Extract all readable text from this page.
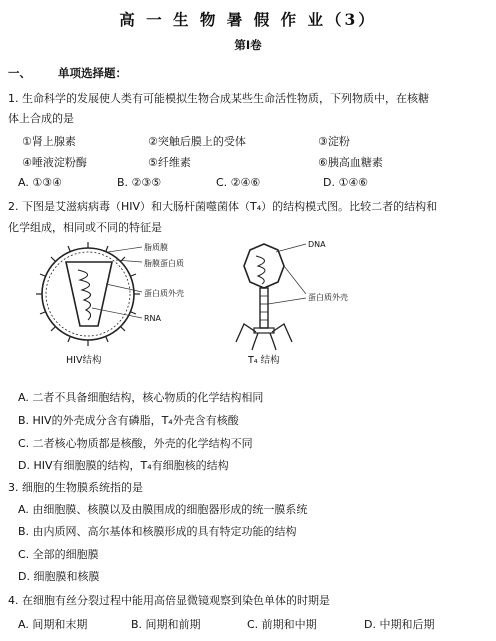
高 一 生 物 暑 假 作 业（3）
第Ⅰ卷
一、 单项选择题：
1. 生命科学的发展使人类有可能模拟生物合成某些生命活性物质，下列物质中，在核糖
体上合成的是
①肾上腺素	②突触后膜上的受体	③淀粉
④唾液淀粉酶	⑤纤维素	⑥胰高血糖素
A. ①③④	B. ②③⑤	C. ②④⑥	D. ①④⑥
2. 下图是艾滋病病毒（HIV）和大肠杆菌噬菌体（T₄）的结构模式图。比较二者的结构和
化学组成，相同或不同的特征是
脂质膜
脂膜蛋白质
蛋白质外壳
RNA
HIV结构
DNA
蛋白质外壳
T₄ 结构
A. 二者不具备细胞结构，核心物质的化学结构相同
B. HIV的外壳成分含有磷脂，T₄外壳含有核酸
C. 二者核心物质都是核酸，外壳的化学结构不同
D. HIV有细胞膜的结构，T₄有细胞核的结构
3. 细胞的生物膜系统指的是
A. 由细胞膜、核膜以及由膜围成的细胞器形成的统一膜系统
B. 由内质网、高尔基体和核膜形成的具有特定功能的结构
C. 全部的细胞膜
D. 细胞膜和核膜
4. 在细胞有丝分裂过程中能用高倍显微镜观察到染色单体的时期是
A. 间期和末期	B. 间期和前期	C. 前期和中期	D. 中期和后期
